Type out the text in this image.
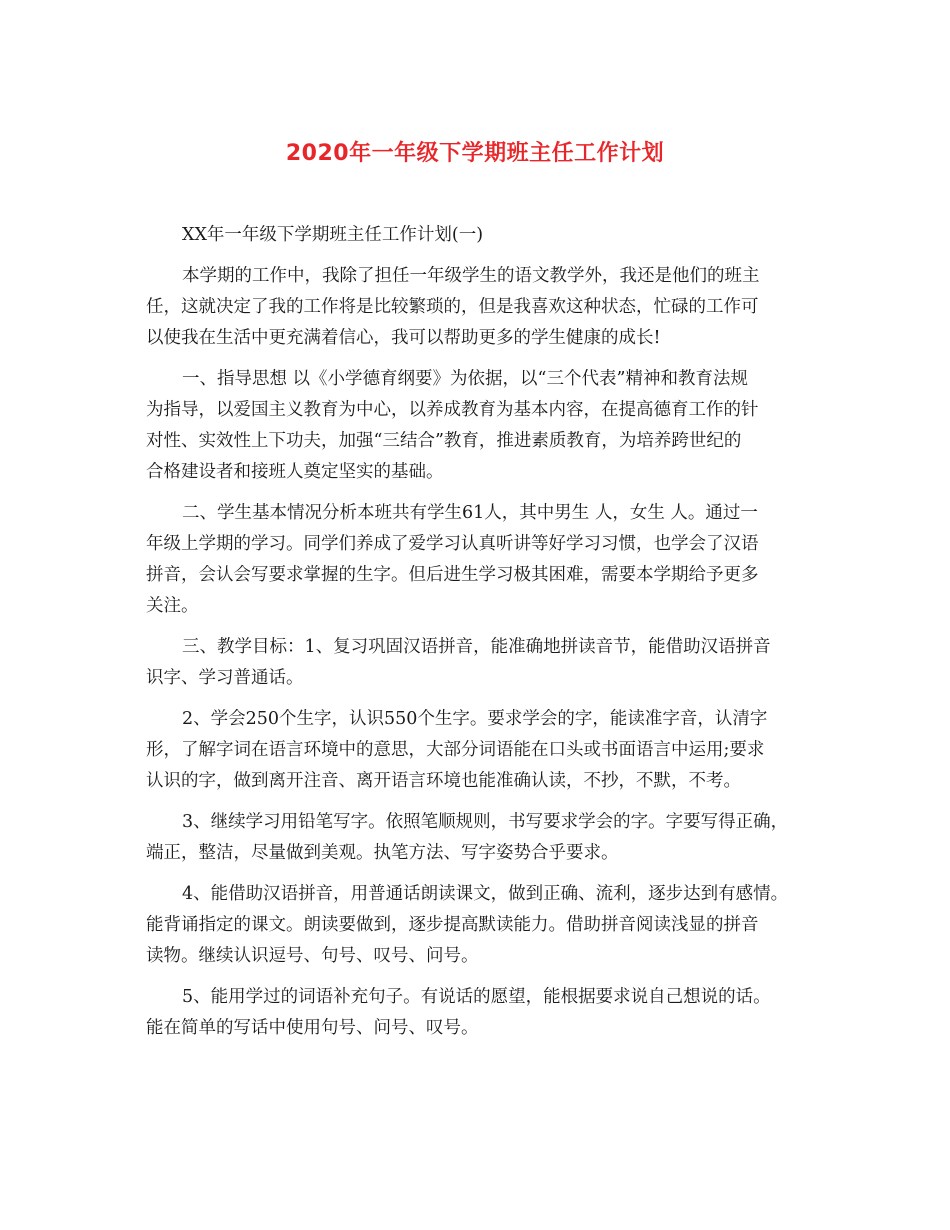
2020年一年级下学期班主任工作计划
XX年一年级下学期班主任工作计划(一)
本学期的工作中，我除了担任一年级学生的语文教学外，我还是他们的班主
任，这就决定了我的工作将是比较繁琐的，但是我喜欢这种状态，忙碌的工作可
以使我在生活中更充满着信心，我可以帮助更多的学生健康的成长!
一、指导思想 以《小学德育纲要》为依据，以“三个代表”精神和教育法规
为指导，以爱国主义教育为中心，以养成教育为基本内容，在提高德育工作的针
对性、实效性上下功夫，加强“三结合”教育，推进素质教育，为培养跨世纪的
合格建设者和接班人奠定坚实的基础。
二、学生基本情况分析本班共有学生61人，其中男生 人，女生 人。通过一
年级上学期的学习。同学们养成了爱学习认真听讲等好学习习惯，也学会了汉语
拼音，会认会写要求掌握的生字。但后进生学习极其困难，需要本学期给予更多
关注。
三、教学目标：1、复习巩固汉语拼音，能准确地拼读音节，能借助汉语拼音
识字、学习普通话。
2、学会250个生字，认识550个生字。要求学会的字，能读准字音，认清字
形，了解字词在语言环境中的意思，大部分词语能在口头或书面语言中运用;要求
认识的字，做到离开注音、离开语言环境也能准确认读，不抄，不默，不考。
3、继续学习用铅笔写字。依照笔顺规则，书写要求学会的字。字要写得正确，
端正，整洁，尽量做到美观。执笔方法、写字姿势合乎要求。
4、能借助汉语拼音，用普通话朗读课文，做到正确、流利，逐步达到有感情。
能背诵指定的课文。朗读要做到，逐步提高默读能力。借助拼音阅读浅显的拼音
读物。继续认识逗号、句号、叹号、问号。
5、能用学过的词语补充句子。有说话的愿望，能根据要求说自己想说的话。
能在简单的写话中使用句号、问号、叹号。
